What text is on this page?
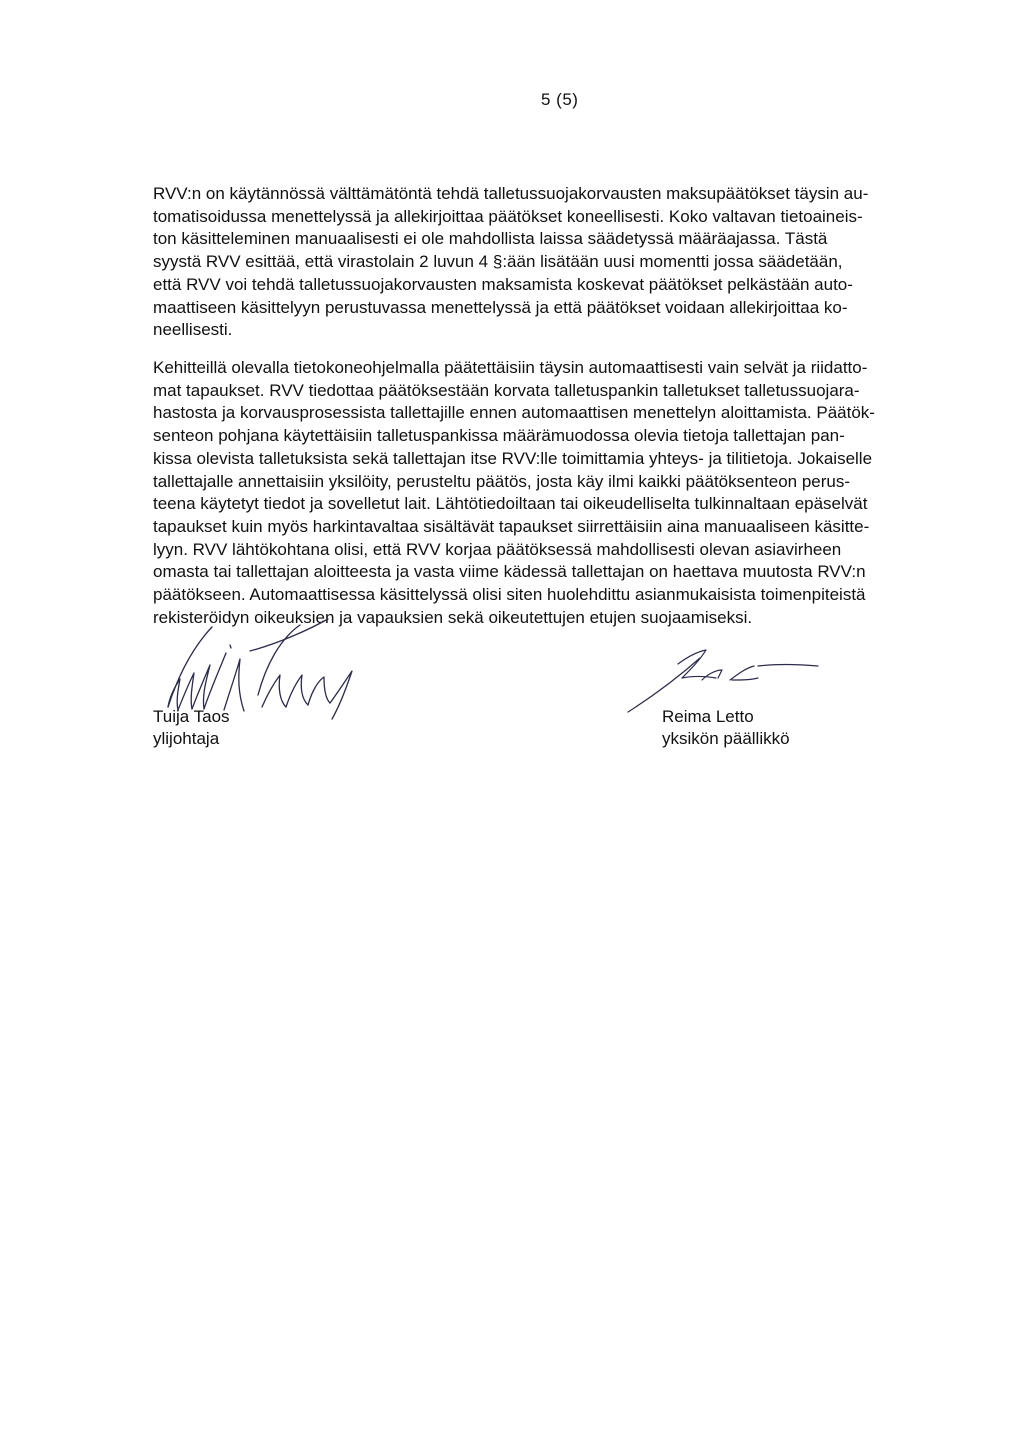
5 (5)
RVV:n on käytännössä välttämätöntä tehdä talletussuojakorvausten maksupäätökset täysin au-
tomatisoidussa menettelyssä ja allekirjoittaa päätökset koneellisesti. Koko valtavan tietoaineis-
ton käsitteleminen manuaalisesti ei ole mahdollista laissa säädetyssä määräajassa. Tästä
syystä RVV esittää, että virastolain 2 luvun 4 §:ään lisätään uusi momentti jossa säädetään,
että RVV voi tehdä talletussuojakorvausten maksamista koskevat päätökset pelkästään auto-
maattiseen käsittelyyn perustuvassa menettelyssä ja että päätökset voidaan allekirjoittaa ko-
neellisesti.
Kehitteillä olevalla tietokoneohjelmalla päätettäisiin täysin automaattisesti vain selvät ja riidatto-
mat tapaukset. RVV tiedottaa päätöksestään korvata talletuspankin talletukset talletussuojara-
hastosta ja korvausprosessista tallettajille ennen automaattisen menettelyn aloittamista. Päätök-
senteon pohjana käytettäisiin talletuspankissa määrämuodossa olevia tietoja tallettajan pan-
kissa olevista talletuksista sekä tallettajan itse RVV:lle toimittamia yhteys- ja tilitietoja. Jokaiselle
tallettajalle annettaisiin yksilöity, perusteltu päätös, josta käy ilmi kaikki päätöksenteon perus-
teena käytetyt tiedot ja sovelletut lait. Lähtötiedoiltaan tai oikeudelliselta tulkinnaltaan epäselvät
tapaukset kuin myös harkintavaltaa sisältävät tapaukset siirrettäisiin aina manuaaliseen käsitte-
lyyn. RVV lähtökohtana olisi, että RVV korjaa päätöksessä mahdollisesti olevan asiavirheen
omasta tai tallettajan aloitteesta ja vasta viime kädessä tallettajan on haettava muutosta RVV:n
päätökseen. Automaattisessa käsittelyssä olisi siten huolehdittu asianmukaisista toimenpiteistä
rekisteröidyn oikeuksien ja vapauksien sekä oikeutettujen etujen suojaamiseksi.
Tuija Taos
ylijohtaja
Reima Letto
yksikön päällikkö
